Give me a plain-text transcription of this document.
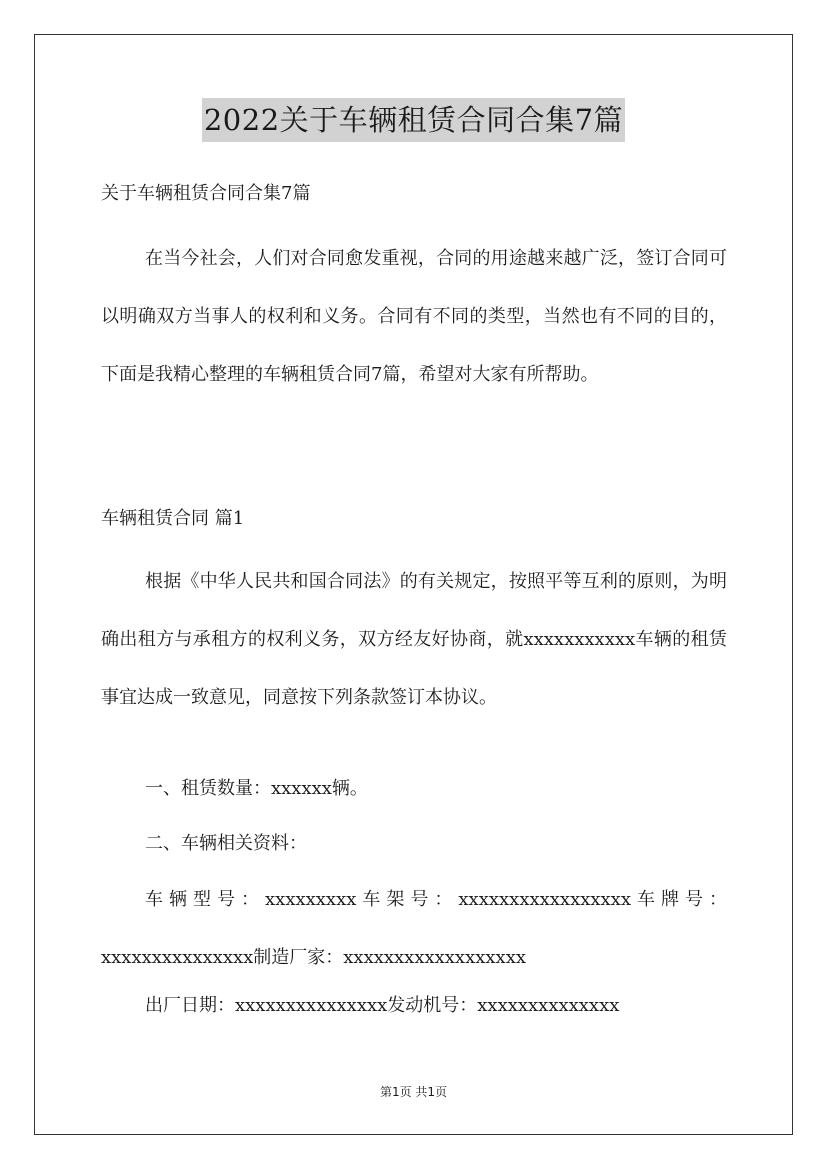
2022关于车辆租赁合同合集7篇

关于车辆租赁合同合集7篇

在当今社会，人们对合同愈发重视，合同的用途越来越广泛，签订合同可以明确双方当事人的权利和义务。合同有不同的类型，当然也有不同的目的，下面是我精心整理的车辆租赁合同7篇，希望对大家有所帮助。

车辆租赁合同 篇1

根据《中华人民共和国合同法》的有关规定，按照平等互利的原则，为明确出租方与承租方的权利义务，双方经友好协商，就xxxxxxxxxxx车辆的租赁事宜达成一致意见，同意按下列条款签订本协议。

一、租赁数量：xxxxxx辆。

二、车辆相关资料：

车辆型号：xxxxxxxxx车架号：xxxxxxxxxxxxxxxxx车牌号：xxxxxxxxxxxxxxx制造厂家：xxxxxxxxxxxxxxxxxx

出厂日期：xxxxxxxxxxxxxxx发动机号：xxxxxxxxxxxxxx

第1页 共1页
